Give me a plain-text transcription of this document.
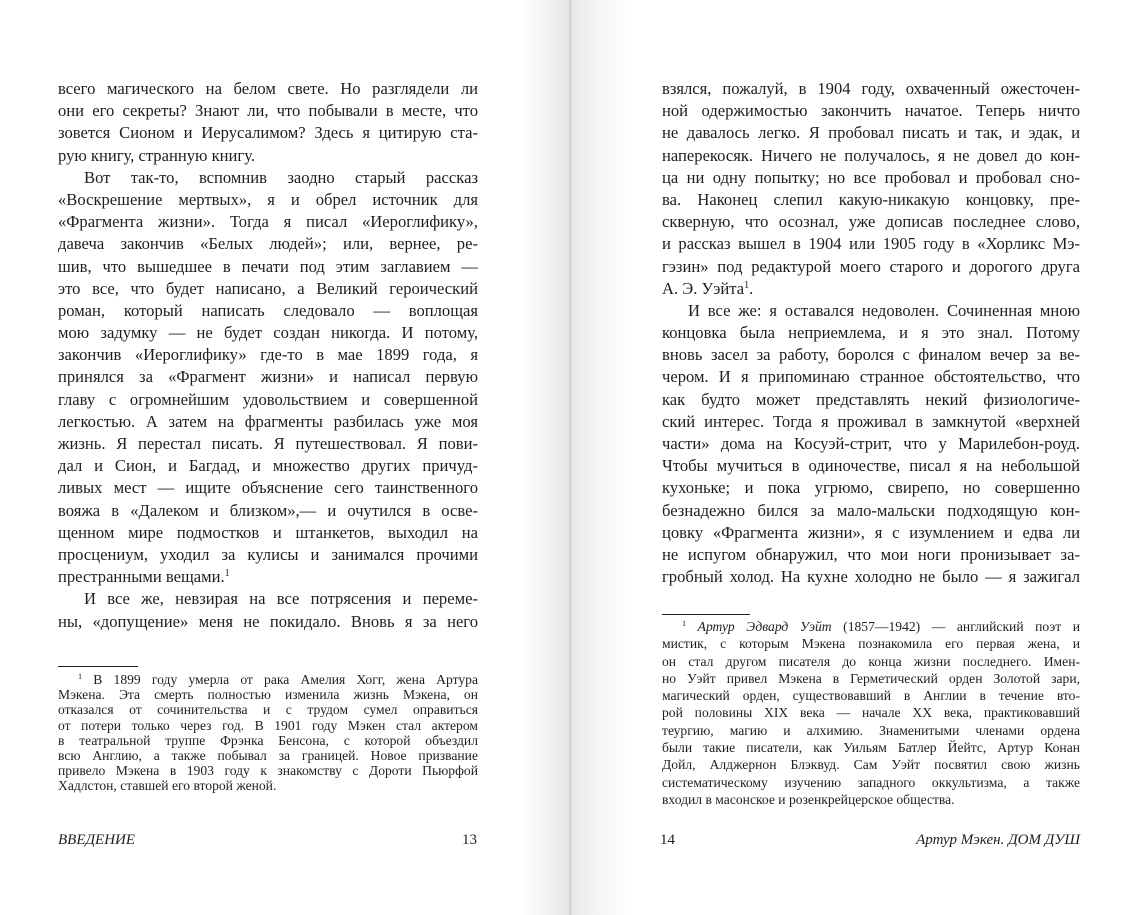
всего магического на белом свете. Но разглядели ли
они его секреты? Знают ли, что побывали в месте, что
зовется Сионом и Иерусалимом? Здесь я цитирую ста-
рую книгу, странную книгу.
Вот так-то, вспомнив заодно старый рассказ
«Воскрешение мертвых», я и обрел источник для
«Фрагмента жизни». Тогда я писал «Иероглифику»,
давеча закончив «Белых людей»; или, вернее, ре-
шив, что вышедшее в печати под этим заглавием —
это все, что будет написано, а Великий героический
роман, который написать следовало — воплощая
мою задумку — не будет создан никогда. И потому,
закончив «Иероглифику» где-то в мае 1899 года, я
принялся за «Фрагмент жизни» и написал первую
главу с огромнейшим удовольствием и совершенной
легкостью. А затем на фрагменты разбилась уже моя
жизнь. Я перестал писать. Я путешествовал. Я пови-
дал и Сион, и Багдад, и множество других причуд-
ливых мест — ищите объяснение сего таинственного
вояжа в «Далеком и близком»,— и очутился в осве-
щенном мире подмостков и штанкетов, выходил на
просцениум, уходил за кулисы и занимался прочими
престранными вещами.$^1$
И все же, невзирая на все потрясения и переме-
ны, «допущение» меня не покидало. Вновь я за него
$^1$ В 1899 году умерла от рака Амелия Хогг, жена Артура
Мэкена. Эта смерть полностью изменила жизнь Мэкена, он
отказался от сочинительства и с трудом сумел оправиться
от потери только через год. В 1901 году Мэкен стал актером
в театральной труппе Фрэнка Бенсона, с которой объездил
всю Англию, а также побывал за границей. Новое призвание
привело Мэкена в 1903 году к знакомству с Дороти Пьюрфой
Хадлстон, ставшей его второй женой.
ВВЕДЕНИЕ	13
взялся, пожалуй, в 1904 году, охваченный ожесточен-
ной одержимостью закончить начатое. Теперь ничто
не давалось легко. Я пробовал писать и так, и эдак, и
наперекосяк. Ничего не получалось, я не довел до кон-
ца ни одну попытку; но все пробовал и пробовал сно-
ва. Наконец слепил какую-никакую концовку, пре-
скверную, что осознал, уже дописав последнее слово,
и рассказ вышел в 1904 или 1905 году в «Хорликс Мэ-
гэзин» под редактурой моего старого и дорогого друга
А. Э. Уэйта$^1$.
И все же: я оставался недоволен. Сочиненная мною
концовка была неприемлема, и я это знал. Потому
вновь засел за работу, боролся с финалом вечер за ве-
чером. И я припоминаю странное обстоятельство, что
как будто может представлять некий физиологиче-
ский интерес. Тогда я проживал в замкнутой «верхней
части» дома на Косуэй-стрит, что у Марилебон-роуд.
Чтобы мучиться в одиночестве, писал я на небольшой
кухоньке; и пока угрюмо, свирепо, но совершенно
безнадежно бился за мало-мальски подходящую кон-
цовку «Фрагмента жизни», я с изумлением и едва ли
не испугом обнаружил, что мои ноги пронизывает за-
гробный холод. На кухне холодно не было — я зажигал
$^1$ Артур Эдвард Уэйт (1857—1942) — английский поэт и
мистик, с которым Мэкена познакомила его первая жена, и
он стал другом писателя до конца жизни последнего. Имен-
но Уэйт привел Мэкена в Герметический орден Золотой зари,
магический орден, существовавший в Англии в течение вто-
рой половины XIX века — начале XX века, практиковавший
теургию, магию и алхимию. Знаменитыми членами ордена
были такие писатели, как Уильям Батлер Йейтс, Артур Конан
Дойл, Алджернон Блэквуд. Сам Уэйт посвятил свою жизнь
систематическому изучению западного оккультизма, а также
входил в масонское и розенкрейцерское общества.
14	Артур Мэкен. ДОМ ДУШ
